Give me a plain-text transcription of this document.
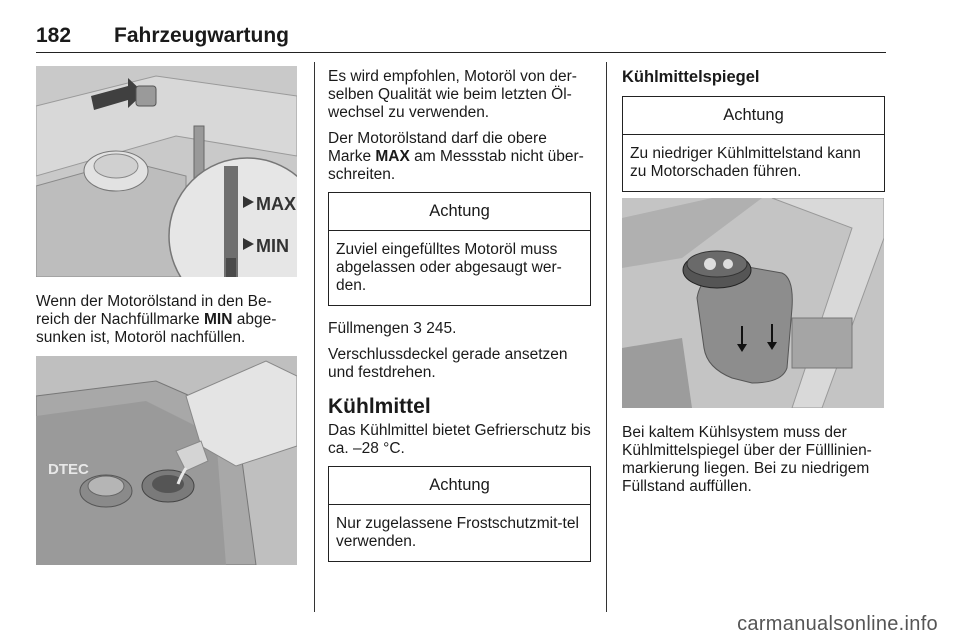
182 Fahrzeugwartung
MAX
MIN

Wenn der Motorölstand in den Be-reich der Nachfüllmarke MIN abge-sunken ist, Motoröl nachfüllen.

DTEC

Es wird empfohlen, Motoröl von der-selben Qualität wie beim letzten Öl-wechsel zu verwenden.

Der Motorölstand darf die obere Marke MAX am Messstab nicht über-schreiten.

Achtung
Zuviel eingefülltes Motoröl muss abgelassen oder abgesaugt wer-den.

Füllmengen 3 245.

Verschlussdeckel gerade ansetzen und festdrehen.

Kühlmittel

Das Kühlmittel bietet Gefrierschutz bis ca. –28 °C.

Achtung
Nur zugelassene Frostschutzmit-tel verwenden.
Kühlmittelspiegel
Achtung
Zu niedriger Kühlmittelstand kann zu Motorschaden führen.

Bei kaltem Kühlsystem muss der Kühlmittelspiegel über der Fülllinien-markierung liegen. Bei zu niedrigem Füllstand auffüllen.

carmanualsonline.info
